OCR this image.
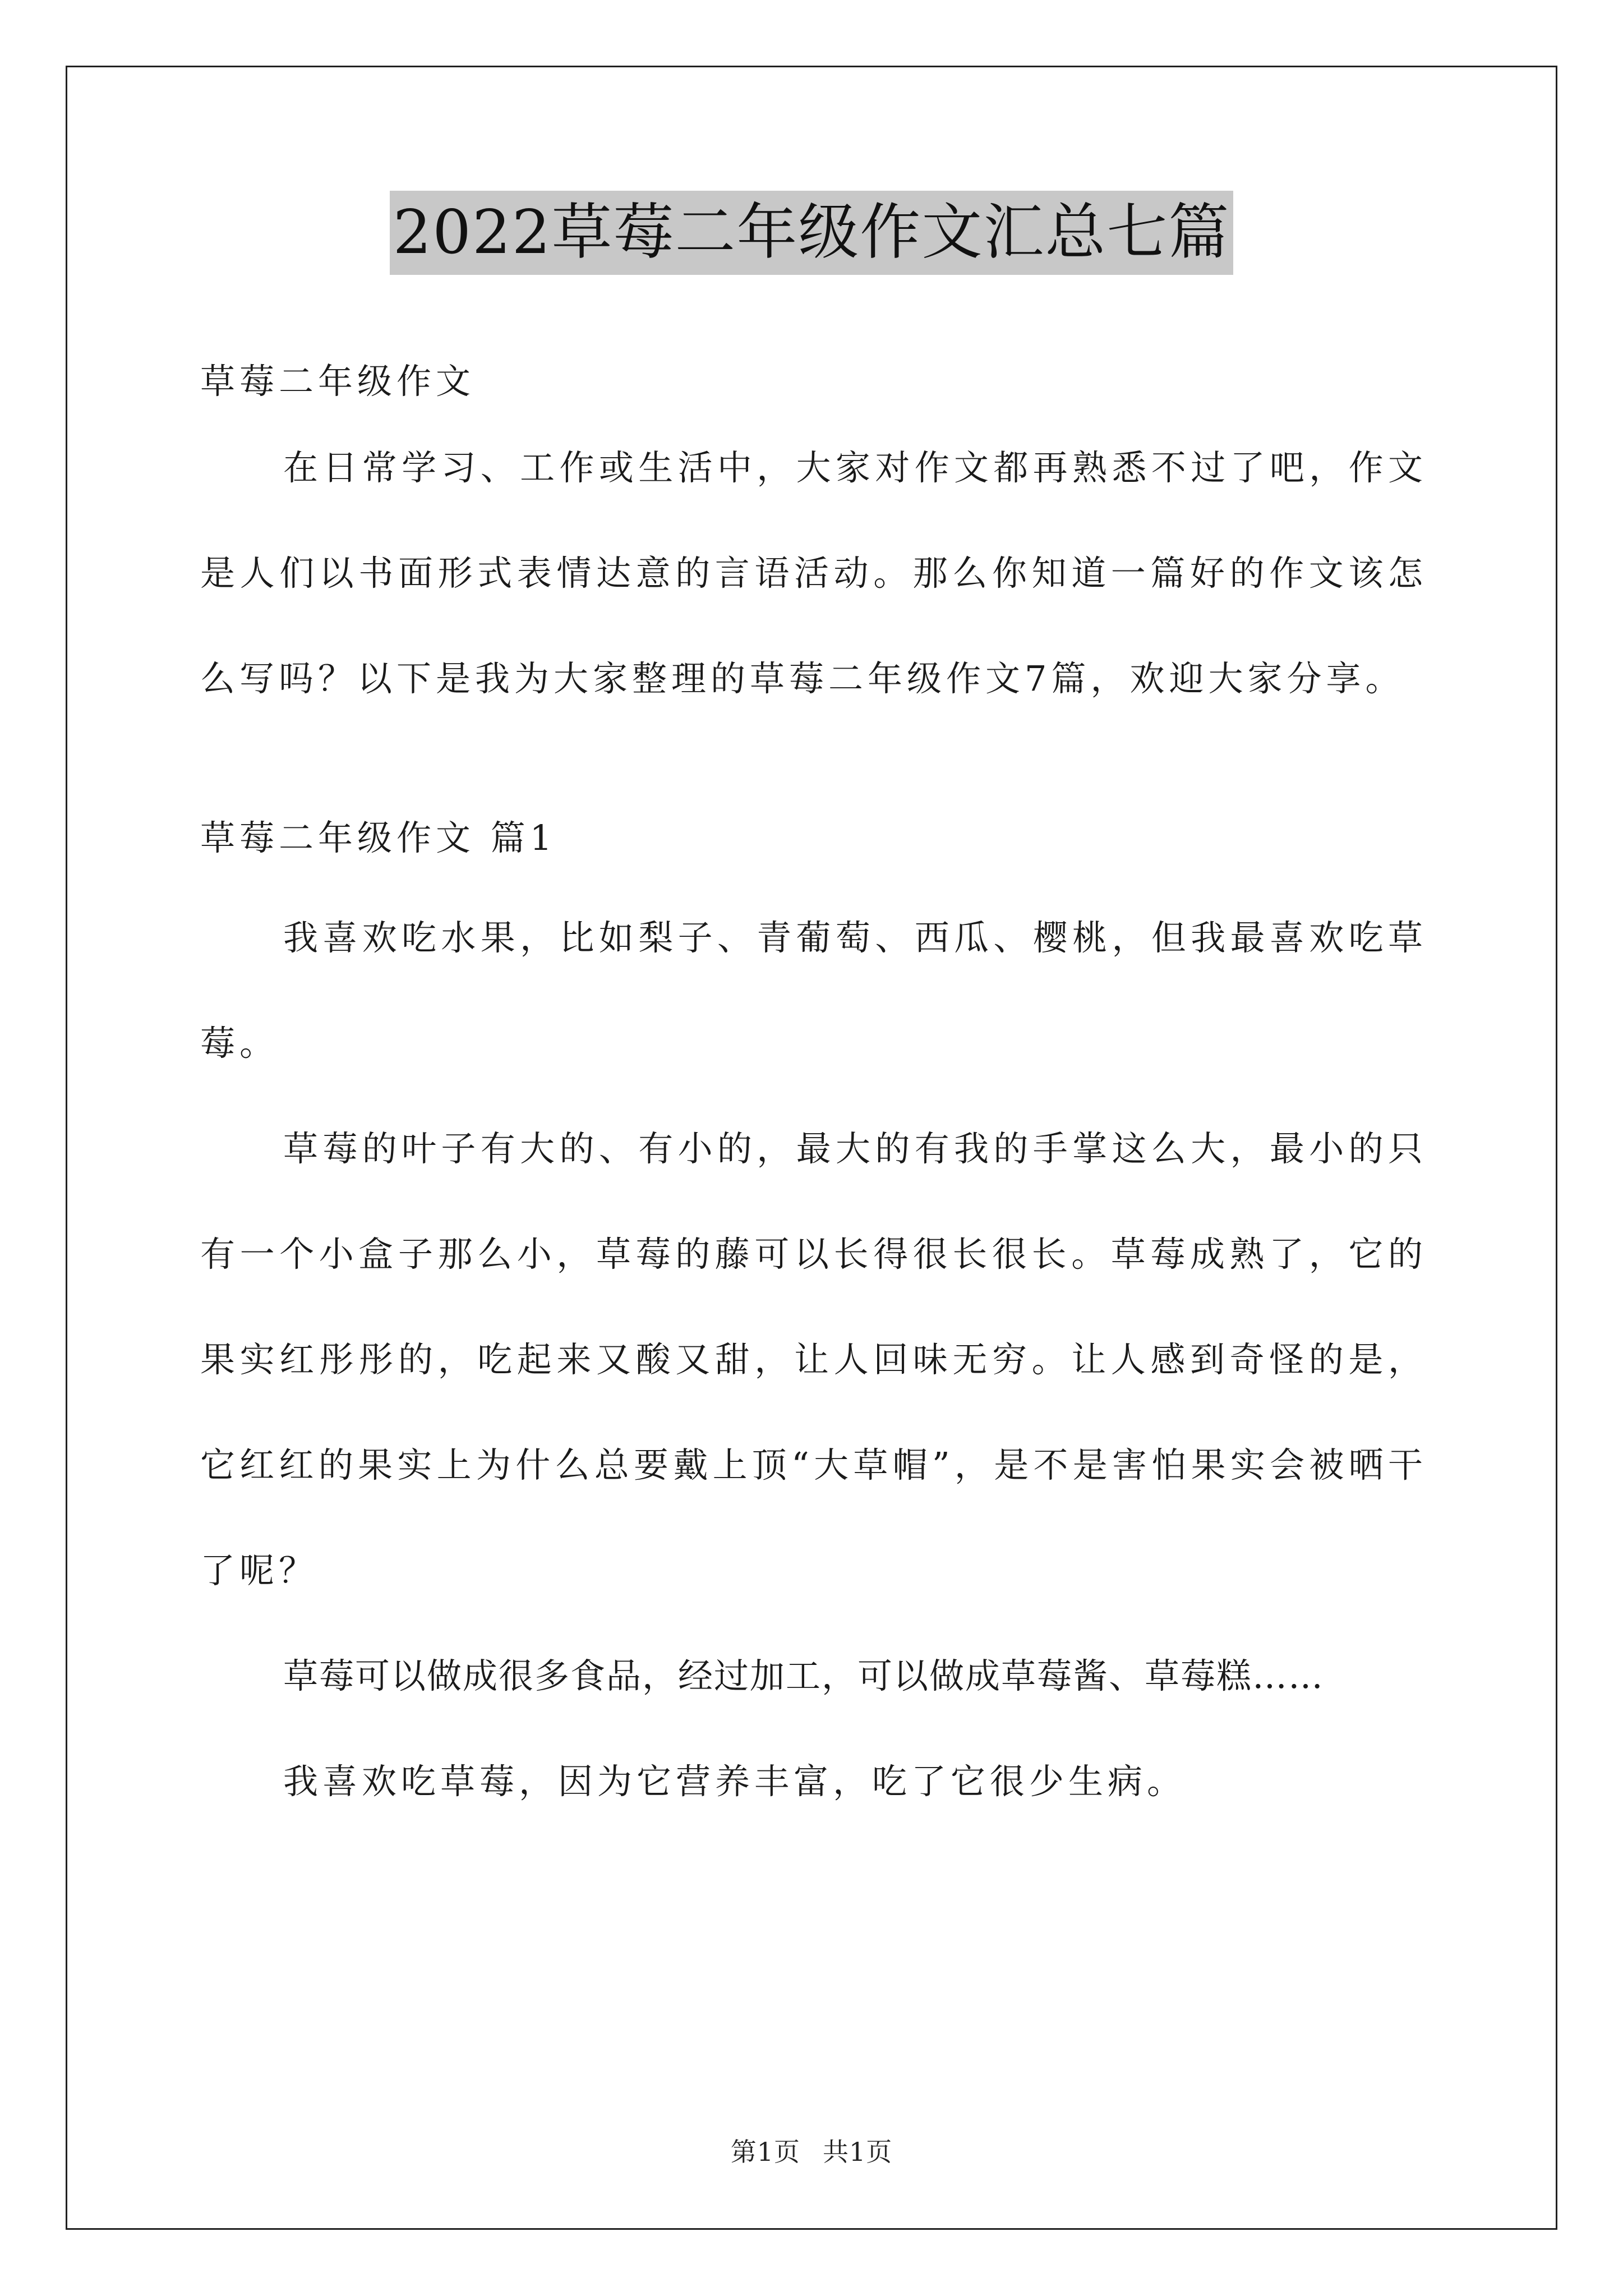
2022草莓二年级作文汇总七篇

草莓二年级作文

在日常学习、工作或生活中，大家对作文都再熟悉不过了吧，作文是人们以书面形式表情达意的言语活动。那么你知道一篇好的作文该怎么写吗？以下是我为大家整理的草莓二年级作文7篇，欢迎大家分享。

草莓二年级作文 篇1

我喜欢吃水果，比如梨子、青葡萄、西瓜、樱桃，但我最喜欢吃草莓。

草莓的叶子有大的、有小的，最大的有我的手掌这么大，最小的只有一个小盒子那么小，草莓的藤可以长得很长很长。草莓成熟了，它的果实红彤彤的，吃起来又酸又甜，让人回味无穷。让人感到奇怪的是，它红红的果实上为什么总要戴上顶“大草帽”，是不是害怕果实会被晒干了呢？

草莓可以做成很多食品，经过加工，可以做成草莓酱、草莓糕……

我喜欢吃草莓，因为它营养丰富，吃了它很少生病。

第1页 共1页
